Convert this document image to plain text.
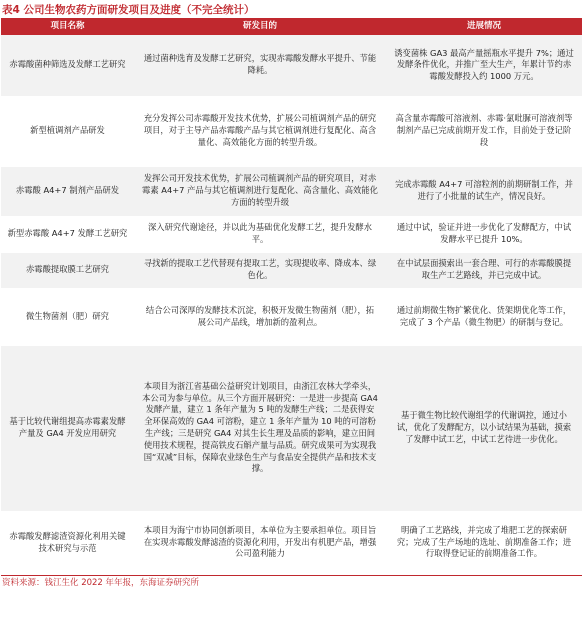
表4 公司生物农药方面研发项目及进度（不完全统计）
项目名称	研发目的	进展情况
赤霉酸菌种筛选及发酵工艺研究	通过菌种选育及发酵工艺研究，实现赤霉酸发酵水平提升、节能降耗。	诱变菌株 GA3 最高产量摇瓶水平提升 7%；通过发酵条件优化，并推广至大生产，年累计节约赤霉酸发酵投入约 1000 万元。
新型植调剂产品研发	充分发挥公司赤霉酸开发技术优势，扩展公司植调剂产品的研究项目，对于主导产品赤霉酸产品与其它植调剂进行复配化、高含量化、高效能化方面的转型升级。	高含量赤霉酸可溶液剂、赤霉·氯吡脲可溶液剂等制剂产品已完成前期开发工作，目前处于登记阶段
赤霉酸 A4+7 制剂产品研发	发挥公司开发技术优势，扩展公司植调剂产品的研究项目，对赤霉素 A4+7 产品与其它植调剂进行复配化、高含量化、高效能化方面的转型升级	完成赤霉酸 A4+7 可溶粒剂的前期研制工作，并进行了小批量的试生产，情况良好。
新型赤霉酸 A4+7 发酵工艺研究	深入研究代谢途径，并以此为基础优化发酵工艺，提升发酵水平。	通过中试，验证并进一步优化了发酵配方，中试发酵水平已提升 10%。
赤霉酸提取膜工艺研究	寻找新的提取工艺代替现有提取工艺，实现提收率、降成本、绿色化。	在中试层面摸索出一套合理、可行的赤霉酸膜提取生产工艺路线，并已完成中试。
微生物菌剂（肥）研究	结合公司深厚的发酵技术沉淀，积极开发微生物菌剂（肥），拓展公司产品线，增加新的盈利点。	通过前期微生物扩繁优化、货架期优化等工作，完成了 3 个产品（微生物肥）的研制与登记。
基于比较代谢组提高赤霉素发酵产量及 GA4 开发应用研究	本项目为浙江省基础公益研究计划项目，由浙江农林大学牵头，本公司为参与单位。从三个方面开展研究：一是进一步提高 GA4 发酵产量，建立 1 条年产量为 5 吨的发酵生产线；二是获得安全环保高效的 GA4 可溶粉，建立 1 条年产量为 10 吨的可溶粉生产线；三是研究 GA4 对其生长生理及品质的影响，建立田间使用技术规程，提高铁皮石斛产量与品质。研究成果可为实现我国“双减”目标，保障农业绿色生产与食品安全提供产品和技术支撑。	基于微生物比较代谢组学的代谢调控，通过小试，优化了发酵配方，以小试结果为基础，摸索了发酵中试工艺，中试工艺待进一步优化。
赤霉酸发酵滤渣资源化利用关键技术研究与示范	本项目为海宁市协同创新项目，本单位为主要承担单位。项目旨在实现赤霉酸发酵滤渣的资源化利用，开发出有机肥产品，增强公司盈利能力	明确了工艺路线，并完成了堆肥工艺的探索研究；完成了生产场地的选址、前期准备工作；进行取得登记证的前期准备工作。
资料来源：钱江生化 2022 年年报，东海证券研究所
